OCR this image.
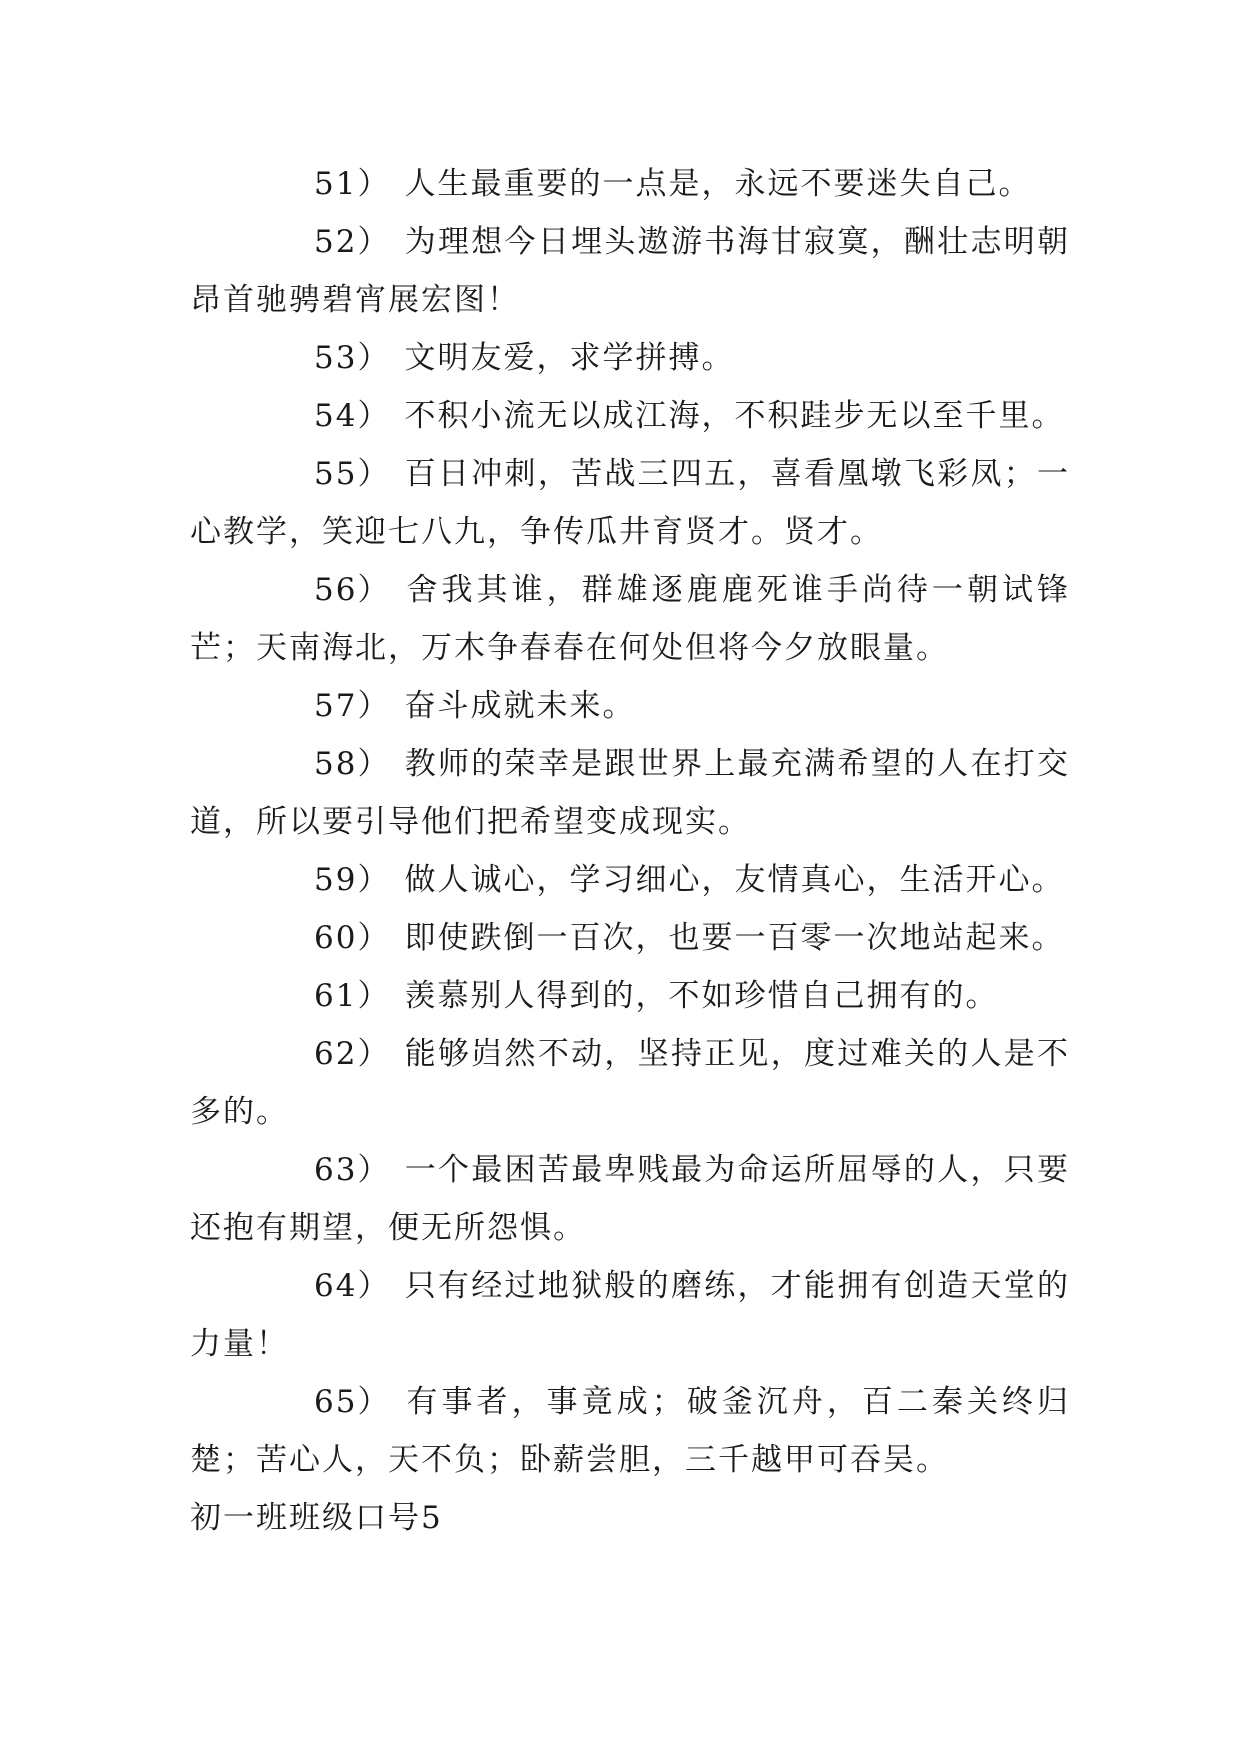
51） 人生最重要的一点是，永远不要迷失自己。

52） 为理想今日埋头遨游书海甘寂寞，酬壮志明朝昂首驰骋碧宵展宏图！

53） 文明友爱，求学拼搏。

54） 不积小流无以成江海，不积跬步无以至千里。

55） 百日冲刺，苦战三四五，喜看凰墩飞彩凤；一心教学，笑迎七八九，争传瓜井育贤才。贤才。

56） 舍我其谁，群雄逐鹿鹿死谁手尚待一朝试锋芒；天南海北，万木争春春在何处但将今夕放眼量。

57） 奋斗成就未来。

58） 教师的荣幸是跟世界上最充满希望的人在打交道，所以要引导他们把希望变成现实。

59） 做人诚心，学习细心，友情真心，生活开心。

60） 即使跌倒一百次，也要一百零一次地站起来。

61） 羡慕别人得到的，不如珍惜自己拥有的。

62） 能够岿然不动，坚持正见，度过难关的人是不多的。

63） 一个最困苦最卑贱最为命运所屈辱的人，只要还抱有期望，便无所怨惧。

64） 只有经过地狱般的磨练，才能拥有创造天堂的力量！

65） 有事者，事竟成；破釜沉舟，百二秦关终归楚；苦心人，天不负；卧薪尝胆，三千越甲可吞吴。

初一班班级口号5
